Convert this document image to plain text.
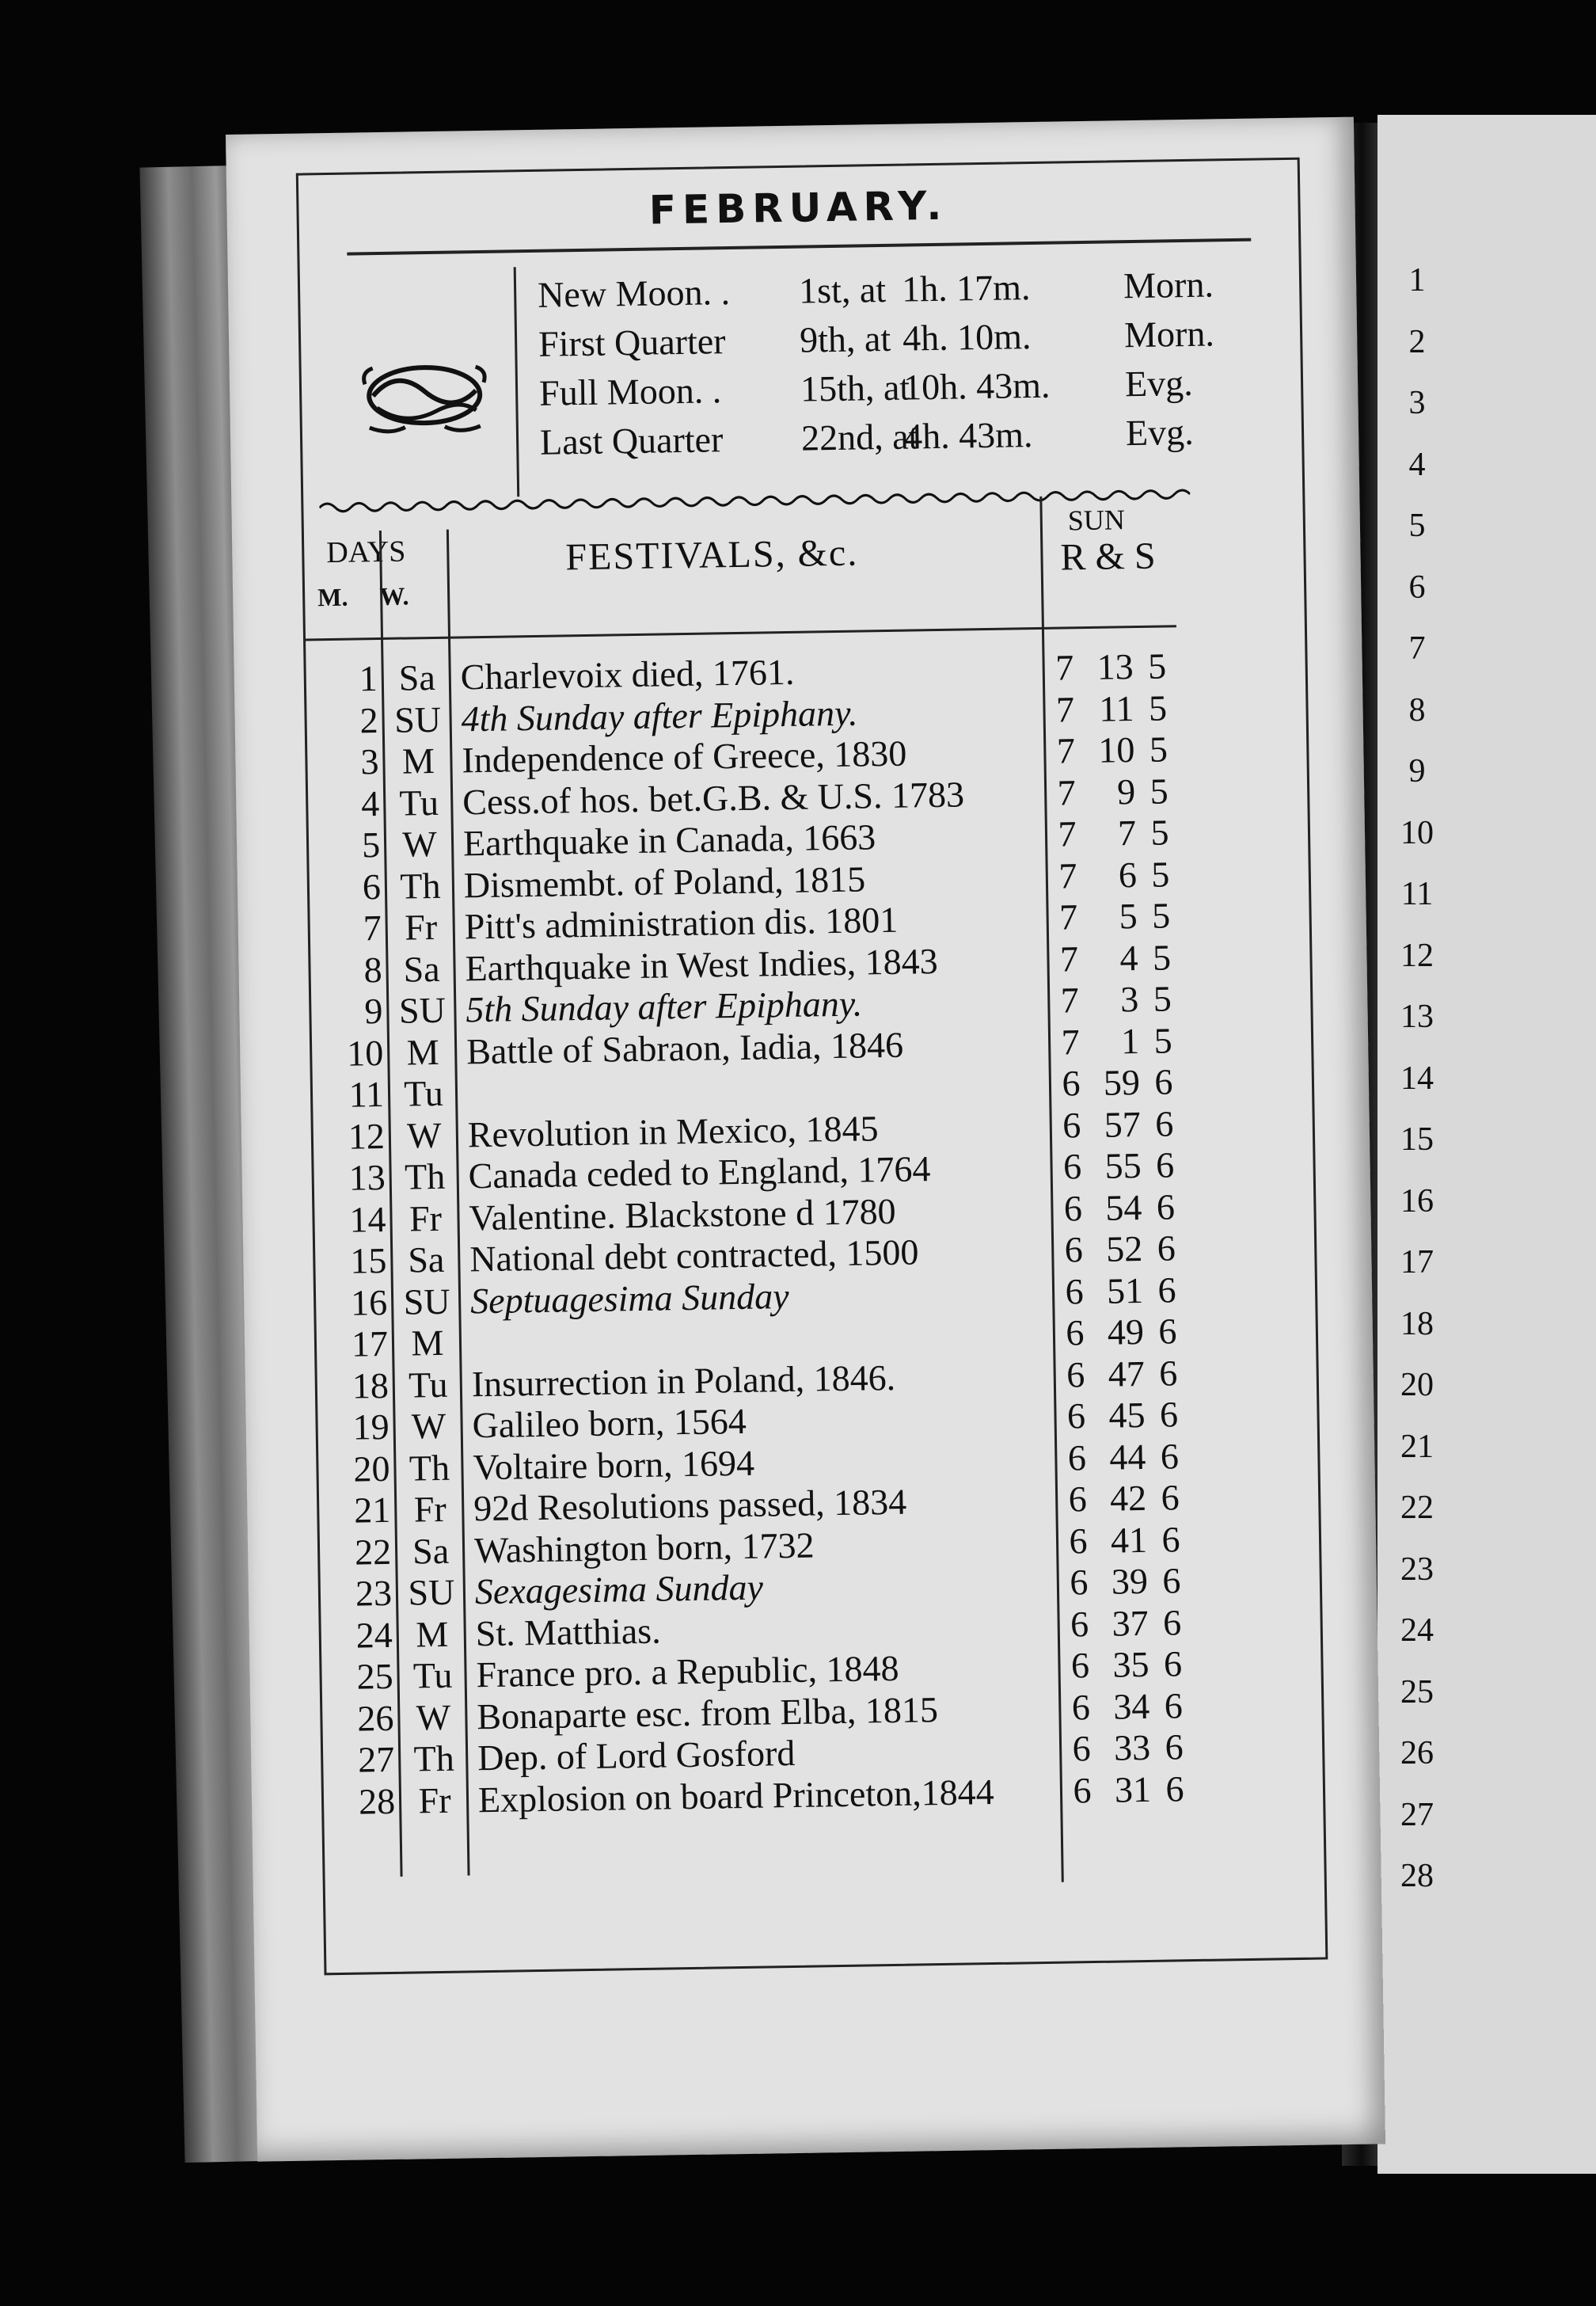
FEBRUARY.
New Moon. . 1st, at 1h. 17m.	Morn.
First Quarter 9th, at 4h. 10m.	Morn.
Full Moon. . 15th, at10h. 43m. Evg.
Last Quarter 22nd, at4h. 43m.	Evg.
DAYS
M. W.
FESTIVALS, &c.
SUN
R & S
1 Sa Charlevoix died, 1761.	7 13 5
2 SU 4th Sunday after Epiphany.	7 11 5
3 M Independence of Greece, 1830	7 10 5
4 Tu Cess.of hos. bet.G.B. & U.S. 1783	7	9 5
5 W Earthquake in Canada, 1663	7	7 5
6 Th Dismembt. of Poland, 1815	7	6 5
7 Fr Pitt's administration dis. 1801	7	5 5
8 Sa Earthquake in West Indies, 1843	7	4 5
9 SU 5th Sunday after Epiphany.	7	3 5
10 M Battle of Sabraon, Iadia, 1846	7	1 5
11 Tu	6 59 6
12 W Revolution in Mexico, 1845	6 57 6
13 Th Canada ceded to England, 1764	6 55 6
14 Fr Valentine. Blackstone d 1780	6 54 6
15 Sa National debt contracted, 1500	6 52 6
16 SU Septuagesima Sunday	6 51 6
17 M	6 49 6
18 Tu Insurrection in Poland, 1846.	6 47 6
19 W Galileo born, 1564	6 45 6
20 Th Voltaire born, 1694	6 44 6
21 Fr 92d Resolutions passed, 1834	6 42 6
22 Sa Washington born, 1732	6 41 6
23 SU Sexagesima Sunday	6 39 6
24 M St. Matthias.	6 37 6
25 Tu France pro. a Republic, 1848	6 35 6
26 W Bonaparte esc. from Elba, 1815	6 34 6
27 Th Dep. of Lord Gosford	6 33 6
28 Fr Explosion on board Princeton,1844 6 31 6
1
2
3
4
5
6
7
8
9
10
11
12
13
14
15
16
17
18
20
21
22
23
24
25
26
27
28
